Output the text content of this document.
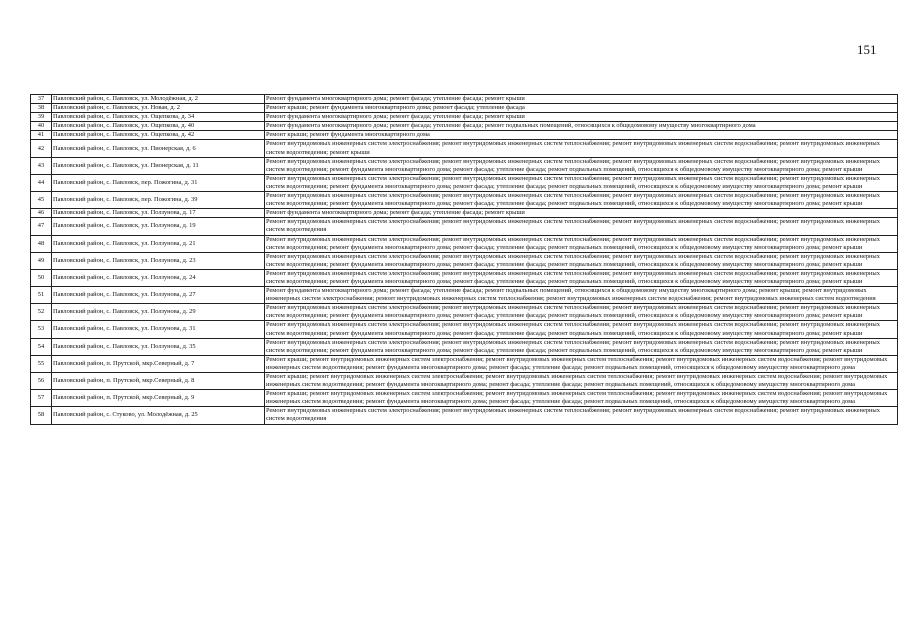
151
37	Павловский район, с. Павловск, ул. Молодёжная, д. 2	Ремонт фундамента многоквартирного дома; ремонт фасада; утепление фасада; ремонт крыши
38	Павловский район, с. Павловск, ул. Новая, д. 2	Ремонт крыши; ремонт фундамента многоквартирного дома; ремонт фасада; утепление фасада
39	Павловский район, с. Павловск, ул. Ощепкова, д. 34	Ремонт фундамента многоквартирного дома; ремонт фасада; утепление фасада; ремонт крыши
40	Павловский район, с. Павловск, ул. Ощепкова, д. 40	Ремонт фундамента многоквартирного дома; ремонт фасада; утепление фасада; ремонт подвальных помещений, относящихся к общедомовому имуществу многоквартирного дома
41	Павловский район, с. Павловск, ул. Ощепкова, д. 42	Ремонт крыши; ремонт фундамента многоквартирного дома
42	Павловский район, с. Павловск, ул. Пионерская, д. 6	Ремонт внутридомовых инженерных систем электроснабжения; ремонт внутридомовых инженерных систем теплоснабжения; ремонт внутридомовых инженерных систем водоснабжения; ремонт внутридомовых инженерных систем водоотведения; ремонт крыши
43	Павловский район, с. Павловск, ул. Пионерская, д. 11	Ремонт внутридомовых инженерных систем электроснабжения; ремонт внутридомовых инженерных систем теплоснабжения; ремонт внутридомовых инженерных систем водоснабжения; ремонт внутридомовых инженерных систем водоотведения; ремонт фундамента многоквартирного дома; ремонт фасада; утепление фасада; ремонт подвальных помещений, относящихся к общедомовому имуществу многоквартирного дома; ремонт крыши
44	Павловский район, с. Павловск, пер. Пожогина, д. 31	Ремонт внутридомовых инженерных систем электроснабжения; ремонт внутридомовых инженерных систем теплоснабжения; ремонт внутридомовых инженерных систем водоснабжения; ремонт внутридомовых инженерных систем водоотведения; ремонт фундамента многоквартирного дома; ремонт фасада; утепление фасада; ремонт подвальных помещений, относящихся к общедомовому имуществу многоквартирного дома; ремонт крыши
45	Павловский район, с. Павловск, пер. Пожогина, д. 39	Ремонт внутридомовых инженерных систем электроснабжения; ремонт внутридомовых инженерных систем теплоснабжения; ремонт внутридомовых инженерных систем водоснабжения; ремонт внутридомовых инженерных систем водоотведения; ремонт фундамента многоквартирного дома; ремонт фасада; утепление фасада; ремонт подвальных помещений, относящихся к общедомовому имуществу многоквартирного дома; ремонт крыши
46	Павловский район, с. Павловск, ул. Ползунова, д. 17	Ремонт фундамента многоквартирного дома; ремонт фасада; утепление фасада; ремонт крыши
47	Павловский район, с. Павловск, ул. Ползунова, д. 19	Ремонт внутридомовых инженерных систем электроснабжения; ремонт внутридомовых инженерных систем теплоснабжения; ремонт внутридомовых инженерных систем водоснабжения; ремонт внутридомовых инженерных систем водоотведения
48	Павловский район, с. Павловск, ул. Ползунова, д. 21	Ремонт внутридомовых инженерных систем электроснабжения; ремонт внутридомовых инженерных систем теплоснабжения; ремонт внутридомовых инженерных систем водоснабжения; ремонт внутридомовых инженерных систем водоотведения; ремонт фундамента многоквартирного дома; ремонт фасада; утепление фасада; ремонт подвальных помещений, относящихся к общедомовому имуществу многоквартирного дома; ремонт крыши
49	Павловский район, с. Павловск, ул. Ползунова, д. 23	Ремонт внутридомовых инженерных систем электроснабжения; ремонт внутридомовых инженерных систем теплоснабжения; ремонт внутридомовых инженерных систем водоснабжения; ремонт внутридомовых инженерных систем водоотведения; ремонт фундамента многоквартирного дома; ремонт фасада; утепление фасада; ремонт подвальных помещений, относящихся к общедомовому имуществу многоквартирного дома; ремонт крыши
50	Павловский район, с. Павловск, ул. Ползунова, д. 24	Ремонт внутридомовых инженерных систем электроснабжения; ремонт внутридомовых инженерных систем теплоснабжения; ремонт внутридомовых инженерных систем водоснабжения; ремонт внутридомовых инженерных систем водоотведения; ремонт фундамента многоквартирного дома; ремонт фасада; утепление фасада; ремонт подвальных помещений, относящихся к общедомовому имуществу многоквартирного дома; ремонт крыши
51	Павловский район, с. Павловск, ул. Ползунова, д. 27	Ремонт фундамента многоквартирного дома; ремонт фасада; утепление фасада; ремонт подвальных помещений, относящихся к общедомовому имуществу многоквартирного дома; ремонт крыши; ремонт внутридомовых инженерных систем электроснабжения; ремонт внутридомовых инженерных систем теплоснабжения; ремонт внутридомовых инженерных систем водоснабжения; ремонт внутридомовых инженерных систем водоотведения
52	Павловский район, с. Павловск, ул. Ползунова, д. 29	Ремонт внутридомовых инженерных систем электроснабжения; ремонт внутридомовых инженерных систем теплоснабжения; ремонт внутридомовых инженерных систем водоснабжения; ремонт внутридомовых инженерных систем водоотведения; ремонт фундамента многоквартирного дома; ремонт фасада; утепление фасада; ремонт подвальных помещений, относящихся к общедомовому имуществу многоквартирного дома; ремонт крыши
53	Павловский район, с. Павловск, ул. Ползунова, д. 31	Ремонт внутридомовых инженерных систем электроснабжения; ремонт внутридомовых инженерных систем теплоснабжения; ремонт внутридомовых инженерных систем водоснабжения; ремонт внутридомовых инженерных систем водоотведения; ремонт фундамента многоквартирного дома; ремонт фасада; утепление фасада; ремонт подвальных помещений, относящихся к общедомовому имуществу многоквартирного дома; ремонт крыши
54	Павловский район, с. Павловск, ул. Ползунова, д. 35	Ремонт внутридомовых инженерных систем электроснабжения; ремонт внутридомовых инженерных систем теплоснабжения; ремонт внутридомовых инженерных систем водоснабжения; ремонт внутридомовых инженерных систем водоотведения; ремонт фундамента многоквартирного дома; ремонт фасада; утепление фасада; ремонт подвальных помещений, относящихся к общедомовому имуществу многоквартирного дома; ремонт крыши
55	Павловский район, п. Прутской, мкр.Северный, д. 7	Ремонт крыши; ремонт внутридомовых инженерных систем электроснабжения; ремонт внутридомовых инженерных систем теплоснабжения; ремонт внутридомовых инженерных систем водоснабжения; ремонт внутридомовых инженерных систем водоотведения; ремонт фундамента многоквартирного дома; ремонт фасада; утепление фасада; ремонт подвальных помещений, относящихся к общедомовому имуществу многоквартирного дома
56	Павловский район, п. Прутской, мкр.Северный, д. 8	Ремонт крыши; ремонт внутридомовых инженерных систем электроснабжения; ремонт внутридомовых инженерных систем теплоснабжения; ремонт внутридомовых инженерных систем водоснабжения; ремонт внутридомовых инженерных систем водоотведения; ремонт фундамента многоквартирного дома; ремонт фасада; утепление фасада; ремонт подвальных помещений, относящихся к общедомовому имуществу многоквартирного дома
57	Павловский район, п. Прутской, мкр.Северный, д. 9	Ремонт крыши; ремонт внутридомовых инженерных систем электроснабжения; ремонт внутридомовых инженерных систем теплоснабжения; ремонт внутридомовых инженерных систем водоснабжения; ремонт внутридомовых инженерных систем водоотведения; ремонт фундамента многоквартирного дома; ремонт фасада; утепление фасада; ремонт подвальных помещений, относящихся к общедомовому имуществу многоквартирного дома
58	Павловский район, с. Стуково, ул. Молодёжная, д. 25	Ремонт внутридомовых инженерных систем электроснабжения; ремонт внутридомовых инженерных систем теплоснабжения; ремонт внутридомовых инженерных систем водоснабжения; ремонт внутридомовых инженерных систем водоотведения
